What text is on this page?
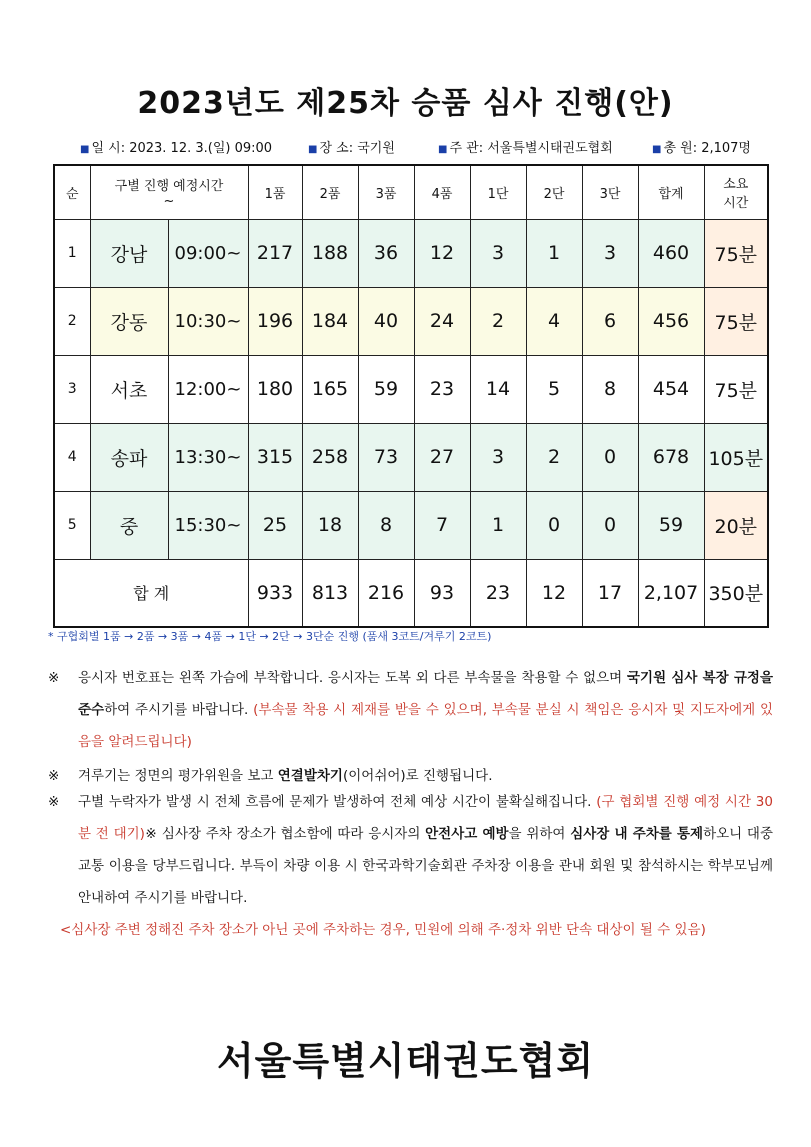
2023년도 제25차 승품 심사 진행(안)
■ 일 시: 2023. 12. 3.(일) 09:00	■ 장 소: 국기원	■ 주 관: 서울특별시태권도협회	■ 총 원: 2,107명
순	구별 진행 예정시간
~		1품	2품	3품	4품	1단	2단	3단	합계	소요
시간
1	강남	09:00~	217	188	36	12	3	1	3	460	75분
2	강동	10:30~	196	184	40	24	2	4	6	456	75분
3	서초	12:00~	180	165	59	23	14	5	8	454	75분
4	송파	13:30~	315	258	73	27	3	2	0	678	105분
5	중	15:30~	25	18	8	7	1	0	0	59	20분
합 계			933	813	216	93	23	12	17	2,107	350분
* 구협회별 1품 → 2품 → 3품 → 4품 → 1단 → 2단 → 3단순 진행 (품새 3코트/겨루기 2코트)
※ 응시자 번호표는 왼쪽 가슴에 부착합니다. 응시자는 도복 외 다른 부속물을 착용할 수 없으며 국기원 심사 복장 규정을 준수하여 주시기를 바랍니다. (부속물 착용 시 제재를 받을 수 있으며, 부속물 분실 시 책임은 응시자 및 지도자에게 있음을 알려드립니다)
※ 겨루기는 정면의 평가위원을 보고 연결발차기(이어쉬어)로 진행됩니다.
※ 구별 누락자가 발생 시 전체 흐름에 문제가 발생하여 전체 예상 시간이 불확실해집니다. (구 협회별 진행 예정 시간 30분 전 대기)※ 심사장 주차 장소가 협소함에 따라 응시자의 안전사고 예방을 위하여 심사장 내 주차를 통제하오니 대중교통 이용을 당부드립니다. 부득이 차량 이용 시 한국과학기술회관 주차장 이용을 관내 회원 및 참석하시는 학부모님께 안내하여 주시기를 바랍니다.
<심사장 주변 정해진 주차 장소가 아닌 곳에 주차하는 경우, 민원에 의해 주·정차 위반 단속 대상이 될 수 있음)
서울특별시태권도협회
